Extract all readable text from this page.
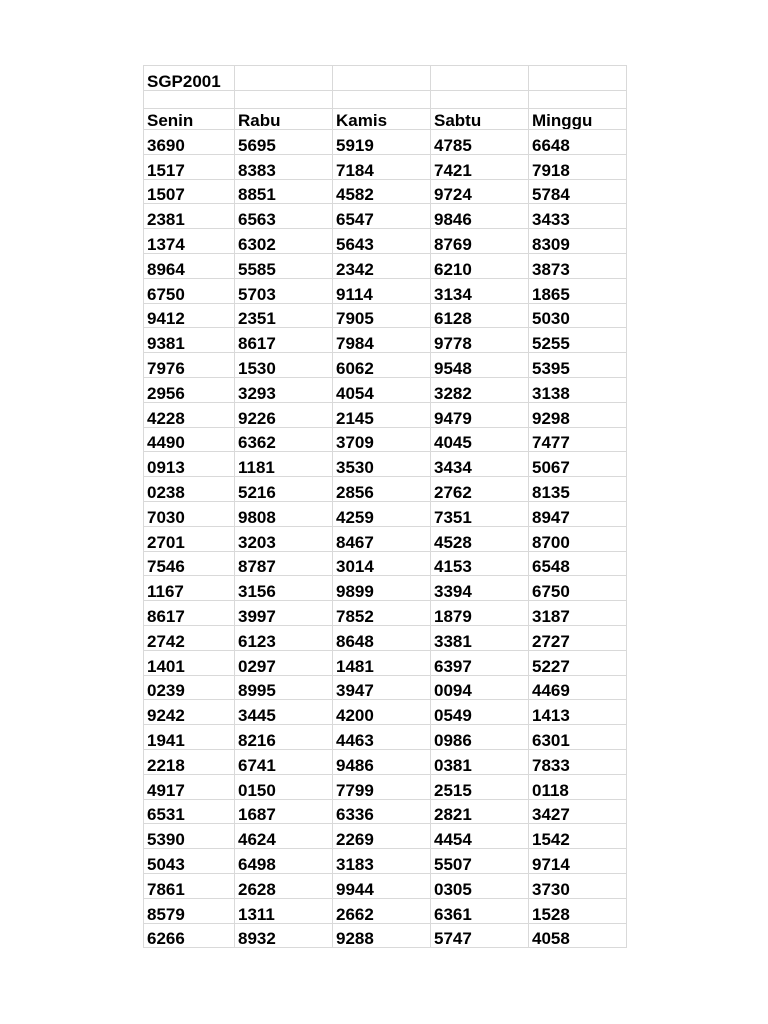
SGP2001				

Senin	Rabu	Kamis	Sabtu	Minggu
3690	5695	5919	4785	6648
1517	8383	7184	7421	7918
1507	8851	4582	9724	5784
2381	6563	6547	9846	3433
1374	6302	5643	8769	8309
8964	5585	2342	6210	3873
6750	5703	9114	3134	1865
9412	2351	7905	6128	5030
9381	8617	7984	9778	5255
7976	1530	6062	9548	5395
2956	3293	4054	3282	3138
4228	9226	2145	9479	9298
4490	6362	3709	4045	7477
0913	1181	3530	3434	5067
0238	5216	2856	2762	8135
7030	9808	4259	7351	8947
2701	3203	8467	4528	8700
7546	8787	3014	4153	6548
1167	3156	9899	3394	6750
8617	3997	7852	1879	3187
2742	6123	8648	3381	2727
1401	0297	1481	6397	5227
0239	8995	3947	0094	4469
9242	3445	4200	0549	1413
1941	8216	4463	0986	6301
2218	6741	9486	0381	7833
4917	0150	7799	2515	0118
6531	1687	6336	2821	3427
5390	4624	2269	4454	1542
5043	6498	3183	5507	9714
7861	2628	9944	0305	3730
8579	1311	2662	6361	1528
6266	8932	9288	5747	4058
